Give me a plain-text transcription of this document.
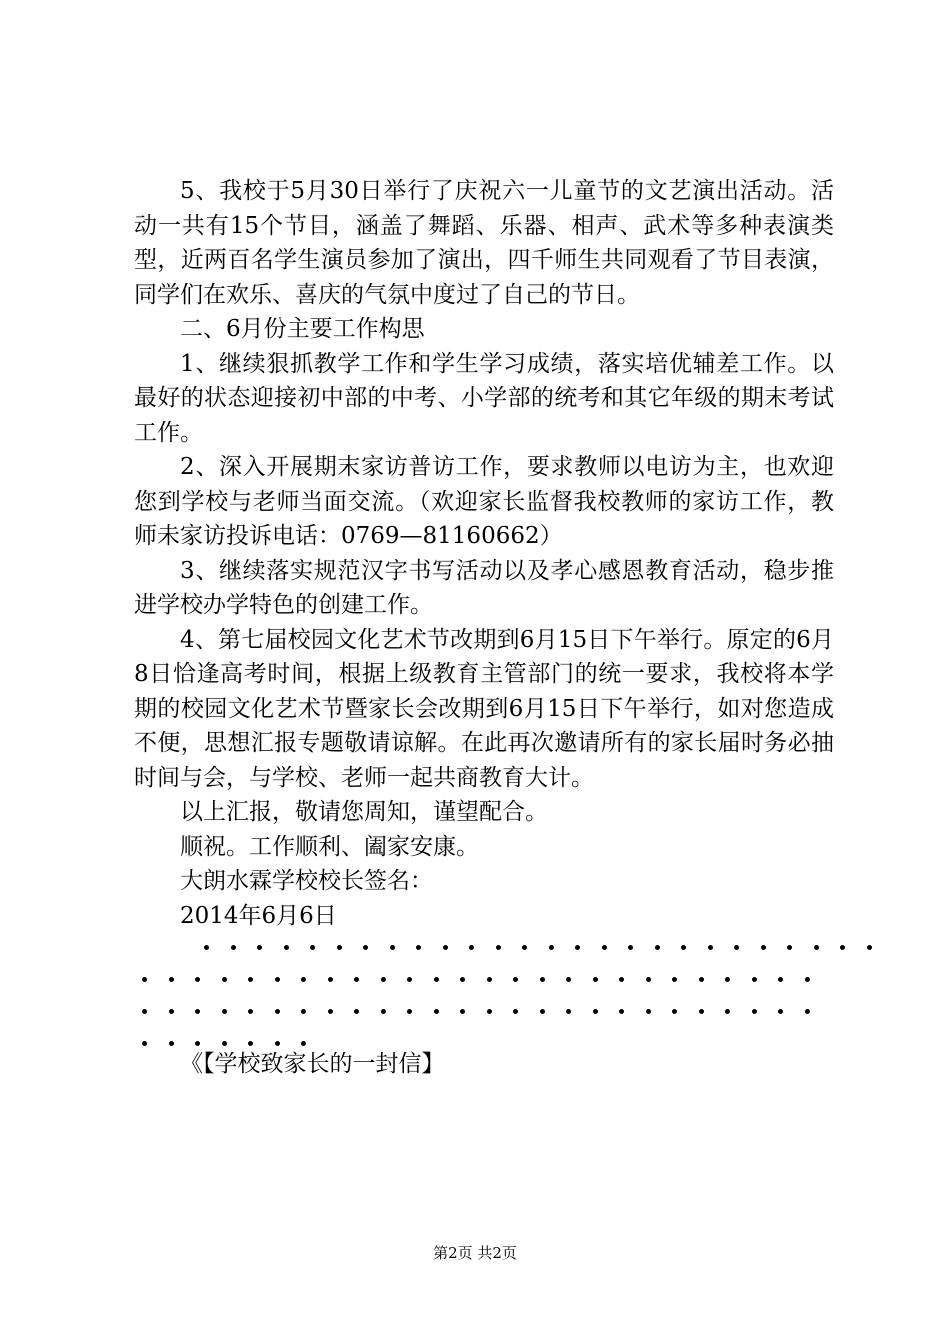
5、我校于5月30日举行了庆祝六一儿童节的文艺演出活动。活动一共有15个节目，涵盖了舞蹈、乐器、相声、武术等多种表演类型，近两百名学生演员参加了演出，四千师生共同观看了节目表演，同学们在欢乐、喜庆的气氛中度过了自己的节日。

二、6月份主要工作构思

1、继续狠抓教学工作和学生学习成绩，落实培优辅差工作。以最好的状态迎接初中部的中考、小学部的统考和其它年级的期末考试工作。

2、深入开展期末家访普访工作，要求教师以电访为主，也欢迎您到学校与老师当面交流。（欢迎家长监督我校教师的家访工作，教师未家访投诉电话：0769—81160662）

3、继续落实规范汉字书写活动以及孝心感恩教育活动，稳步推进学校办学特色的创建工作。

4、第七届校园文化艺术节改期到6月15日下午举行。原定的6月8日恰逢高考时间，根据上级教育主管部门的统一要求，我校将本学期的校园文化艺术节暨家长会改期到6月15日下午举行，如对您造成不便，思想汇报专题敬请谅解。在此再次邀请所有的家长届时务必抽时间与会，与学校、老师一起共商教育大计。

以上汇报，敬请您周知，谨望配合。

顺祝。工作顺利、阖家安康。

大朗水霖学校校长签名：

2014年6月6日

《【学校致家长的一封信】

第2页 共2页
